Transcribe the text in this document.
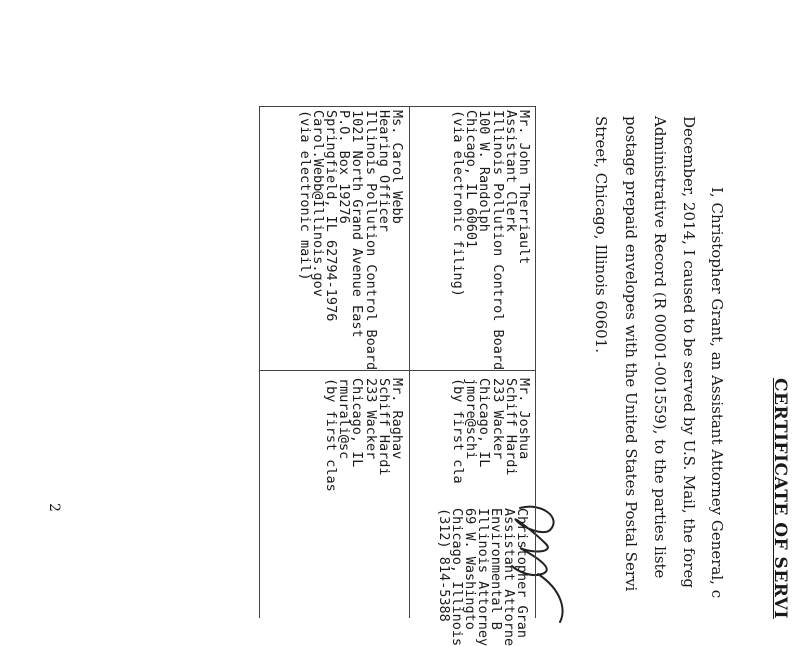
CERTIFICATE OF SERVI
I, Christopher Grant, an Assistant Attorney General, c
December, 2014, I caused to be served by U.S. Mail, the foreg
Administrative Record (R 00001-001559), to the parties liste
postage prepaid envelopes with the United States Postal Servi
Street, Chicago, Illinois 60601.
Christopher Gran
Assistant Attorne
Environmental B
Illinois Attorney
69 W. Washingto
Chicago, Illinois
(312) 814-5388
Mr. John Therriault
Assistant Clerk
Illinois Pollution Control Board
100 W. Randolph
Chicago, IL 60601
(via electronic filing)
Mr. Joshua
Schiff Hardi
233 Wacker
Chicago, IL
jmore@schi
(by first cla
Ms. Carol Webb
Hearing Officer
Illinois Pollution Control Board
1021 North Grand Avenue East
P.O. Box 19276
Springfield, IL 62794-1976
Carol.Webb@Illinois.gov
(via electronic mail)
Mr. Raghav
Schiff Hardi
233 Wacker
Chicago, IL
rmurali@sc
(by first clas
2
